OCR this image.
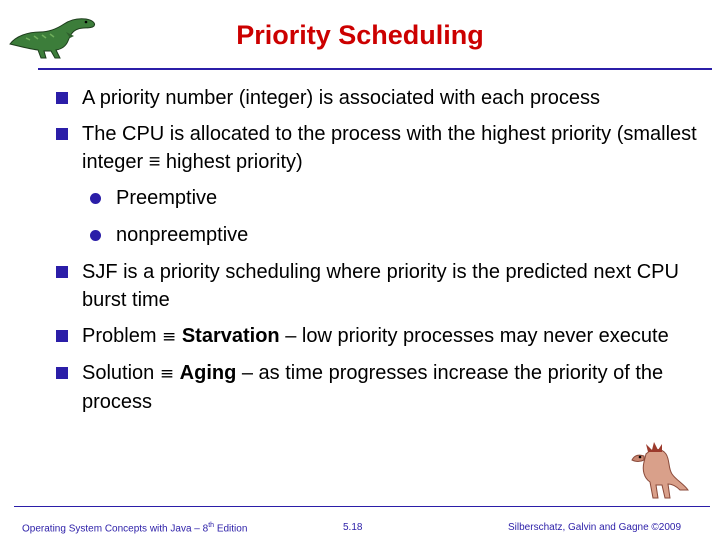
Priority Scheduling
A priority number (integer) is associated with each process
The CPU is allocated to the process with the highest priority (smallest integer ≡ highest priority)
Preemptive
nonpreemptive
SJF is a priority scheduling where priority is the predicted next CPU burst time
Problem ≡ Starvation – low priority processes may never execute
Solution ≡ Aging – as time progresses increase the priority of the process
Operating System Concepts with Java – 8th Edition	5.18	Silberschatz, Galvin and Gagne ©2009
